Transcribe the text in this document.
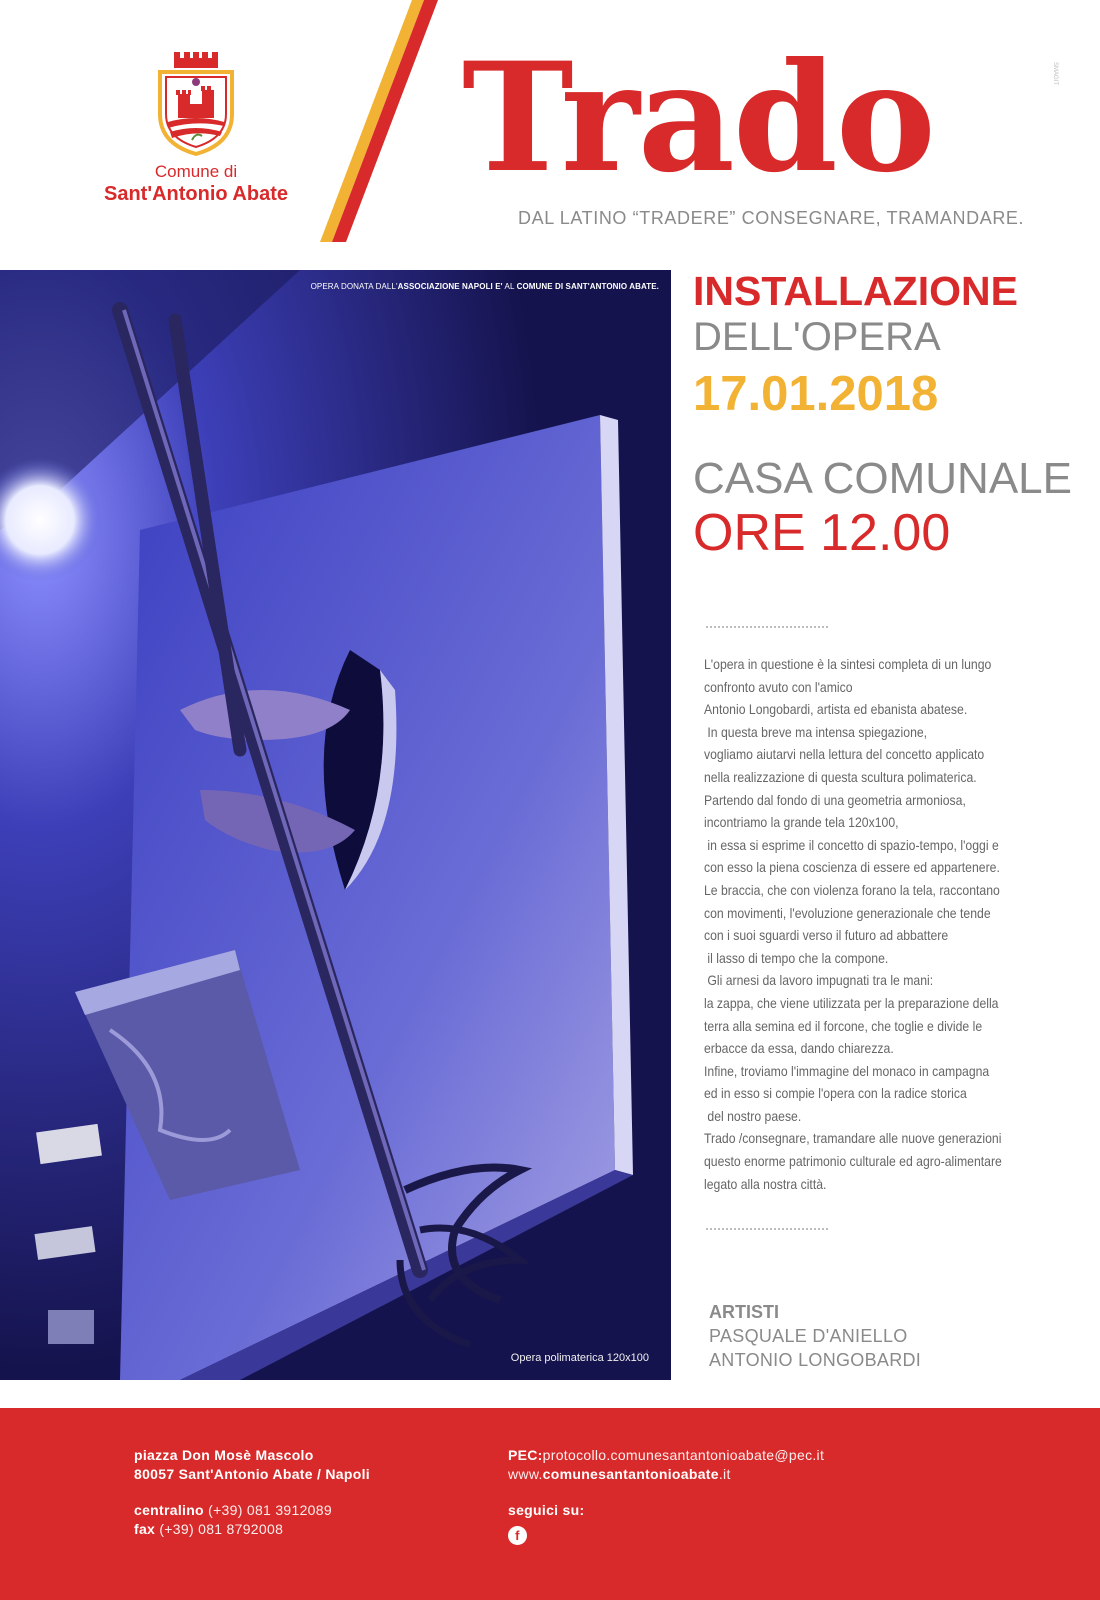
Comune di
Sant'Antonio Abate Trado
DAL LATINO “TRADERE” CONSEGNARE, TRAMANDARE.
SMAGIT
OPERA DONATA DALL'ASSOCIAZIONE NAPOLI E' AL COMUNE DI SANT'ANTONIO ABATE.
Opera polimaterica 120x100
INSTALLAZIONE
DELL'OPERA
17.01.2018
CASA COMUNALE
ORE 12.00
L'opera in questione è la sintesi completa di un lungo
confronto avuto con l'amico
Antonio Longobardi, artista ed ebanista abatese.
In questa breve ma intensa spiegazione,
vogliamo aiutarvi nella lettura del concetto applicato
nella realizzazione di questa scultura polimaterica.
Partendo dal fondo di una geometria armoniosa,
incontriamo la grande tela 120x100,
in essa si esprime il concetto di spazio-tempo, l'oggi e
con esso la piena coscienza di essere ed appartenere.
Le braccia, che con violenza forano la tela, raccontano
con movimenti, l'evoluzione generazionale che tende
con i suoi sguardi verso il futuro ad abbattere
il lasso di tempo che la compone.
Gli arnesi da lavoro impugnati tra le mani:
la zappa, che viene utilizzata per la preparazione della
terra alla semina ed il forcone, che toglie e divide le
erbacce da essa, dando chiarezza.
Infine, troviamo l'immagine del monaco in campagna
ed in esso si compie l'opera con la radice storica
del nostro paese.
Trado /consegnare, tramandare alle nuove generazioni
questo enorme patrimonio culturale ed agro-alimentare
legato alla nostra città.
ARTISTI
PASQUALE D'ANIELLO
ANTONIO LONGOBARDI
piazza Don Mosè Mascolo
80057 Sant'Antonio Abate / Napoli
centralino (+39) 081 3912089
fax (+39) 081 8792008
PEC:protocollo.comunesantantonioabate@pec.it
www.comunesantantonioabate.it
seguici su:
f
